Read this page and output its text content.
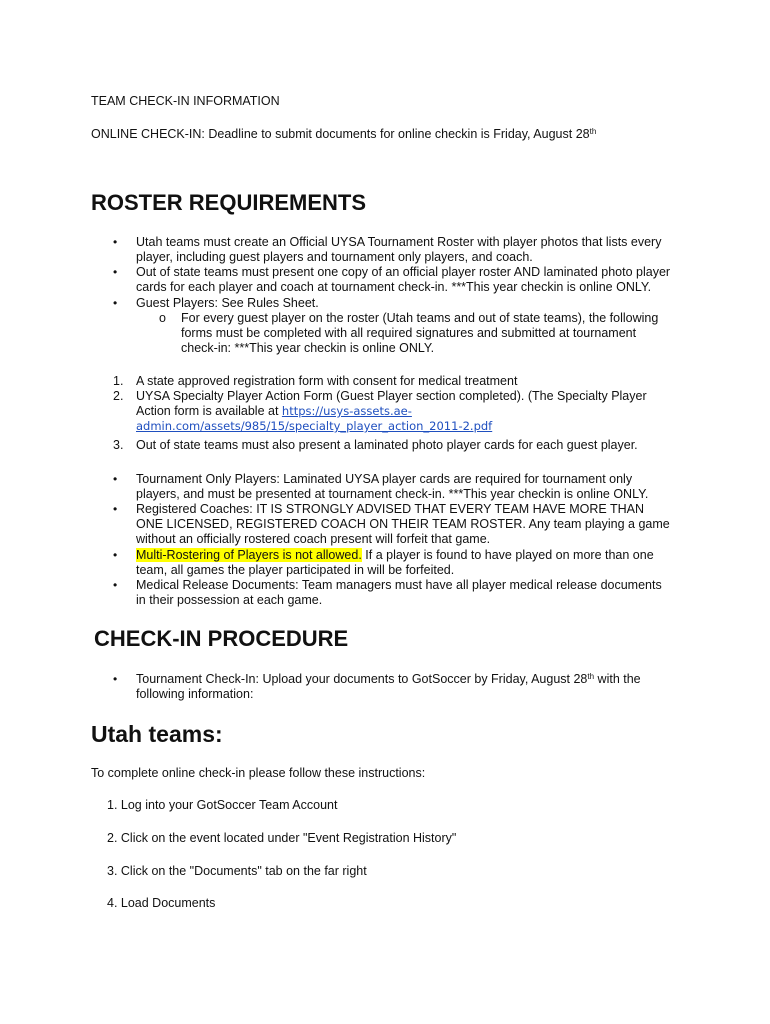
TEAM CHECK-IN INFORMATION
ONLINE CHECK-IN: Deadline to submit documents for online checkin is Friday, August 28th
ROSTER REQUIREMENTS
• Utah teams must create an Official UYSA Tournament Roster with player photos that lists every
player, including guest players and tournament only players, and coach.
• Out of state teams must present one copy of an official player roster AND laminated photo player
cards for each player and coach at tournament check-in. ***This year checkin is online ONLY.
• Guest Players: See Rules Sheet.
o For every guest player on the roster (Utah teams and out of state teams), the following
forms must be completed with all required signatures and submitted at tournament
check-in: ***This year checkin is online ONLY.
1. A state approved registration form with consent for medical treatment
2. UYSA Specialty Player Action Form (Guest Player section completed). (The Specialty Player
Action form is available at https://usys-assets.ae-
admin.com/assets/985/15/specialty_player_action_2011-2.pdf
3. Out of state teams must also present a laminated photo player cards for each guest player.
• Tournament Only Players: Laminated UYSA player cards are required for tournament only
players, and must be presented at tournament check-in. ***This year checkin is online ONLY.
• Registered Coaches: IT IS STRONGLY ADVISED THAT EVERY TEAM HAVE MORE THAN
ONE LICENSED, REGISTERED COACH ON THEIR TEAM ROSTER. Any team playing a game
without an officially rostered coach present will forfeit that game.
• Multi-Rostering of Players is not allowed. If a player is found to have played on more than one
team, all games the player participated in will be forfeited.
• Medical Release Documents: Team managers must have all player medical release documents
in their possession at each game.
CHECK-IN PROCEDURE
• Tournament Check-In: Upload your documents to GotSoccer by Friday, August 28th with the
following information:
Utah teams:
To complete online check-in please follow these instructions:
1. Log into your GotSoccer Team Account
2. Click on the event located under "Event Registration History"
3. Click on the "Documents" tab on the far right
4. Load Documents
